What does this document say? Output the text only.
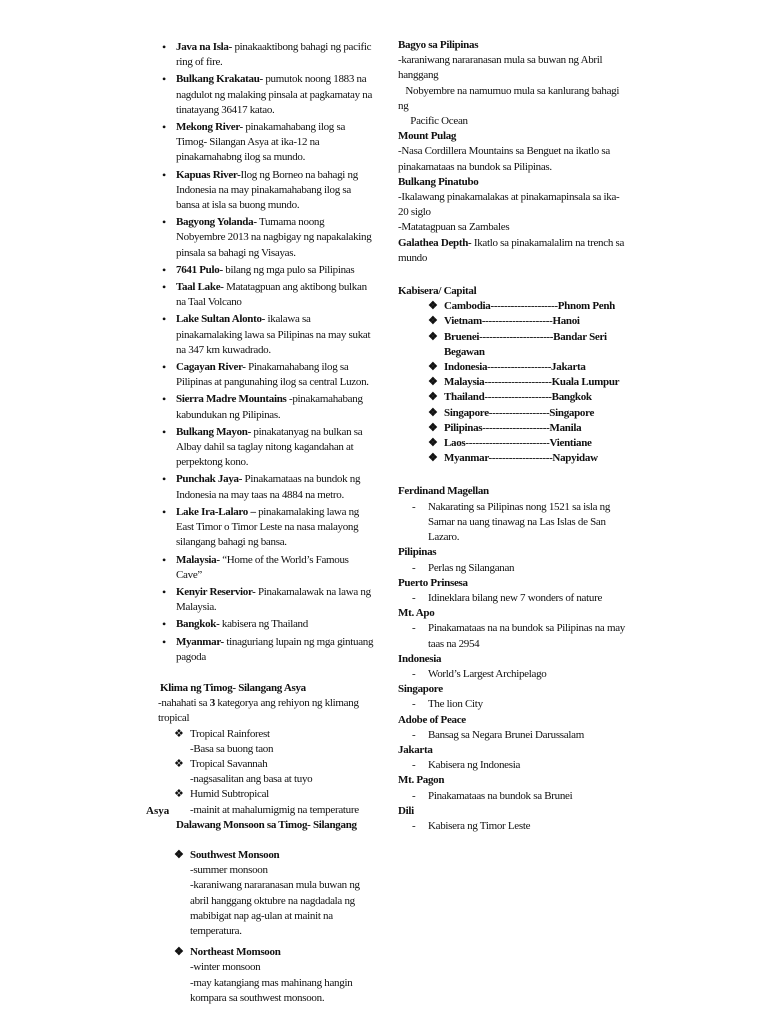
• Java na Isla- pinakaaktibong bahagi ng pacific ring of fire.
• Bulkang Krakatau- pumutok noong 1883 na nagdulot ng malaking pinsala at pagkamatay na tinatayang 36417 katao.
• Mekong River- pinakamahabang ilog sa Timog- Silangan Asya at ika-12 na pinakamahabng ilog sa mundo.
• Kapuas River-Ilog ng Borneo na bahagi ng Indonesia na may pinakamahabang ilog sa bansa at isla sa buong mundo.
• Bagyong Yolanda- Tumama noong Nobyembre 2013 na nagbigay ng napakalaking pinsala sa bahagi ng Visayas.
• 7641 Pulo- bilang ng mga pulo sa Pilipinas
• Taal Lake- Matatagpuan ang aktibong bulkan na Taal Volcano
• Lake Sultan Alonto- ikalawa sa pinakamalaking lawa sa Pilipinas na may sukat na 347 km kuwadrado.
• Cagayan River- Pinakamahabang ilog sa Pilipinas at pangunahing ilog sa central Luzon.
• Sierra Madre Mountains -pinakamahabang kabundukan ng Pilipinas.
• Bulkang Mayon- pinakatanyag na bulkan sa Albay dahil sa taglay nitong kagandahan at perpektong kono.
• Punchak Jaya- Pinakamataas na bundok ng Indonesia na may taas na 4884 na metro.
• Lake Ira-Lalaro – pinakamalaking lawa ng East Timor o Timor Leste na nasa malayong silangang bahagi ng bansa.
• Malaysia- “Home of the World’s Famous Cave”
• Kenyir Reservior- Pinakamalawak na lawa ng Malaysia.
• Bangkok- kabisera ng Thailand
• Myanmar- tinaguriang lupain ng mga gintuang pagoda

Klima ng Timog- Silangang Asya

-nahahati sa 3 kategorya ang rehiyon ng klimang tropical

❖ Tropical Rainforest

-Basa sa buong taon

❖ Tropical Savannah

-nagsasalitan ang basa at tuyo

❖ Humid Subtropical

-mainit at mahalumigmig na temperature

Dalawang Monsoon sa Timog- Silangang

❖ Southwest Monsoon

-summer monsoon

-karaniwang nararanasan mula buwan ng abril hanggang oktubre na nagdadala ng mabibigat nap ag-ulan at mainit na temperatura.

❖ Northeast Momsoon

-winter monsoon

-may katangiang mas mahinang hangin kompara sa southwest monsoon.

Asya

Bagyo sa Pilipinas

-karaniwang nararanasan mula sa buwan ng Abril hanggang

Nobyembre na namumuo mula sa kanlurang bahagi ng

Pacific Ocean

Mount Pulag

-Nasa Cordillera Mountains sa Benguet na ikatlo sa pinakamataas na bundok sa Pilipinas.

Bulkang Pinatubo

-Ikalawang pinakamalakas at pinakamapinsala sa ika-20 siglo

-Matatagpuan sa Zambales

Galathea Depth- Ikatlo sa pinakamalalim na trench sa mundo

Kabisera/ Capital

❖ Cambodia--------------------Phnom Penh

❖ Vietnam---------------------Hanoi

❖ Bruenei----------------------Bandar Seri Begawan

❖ Indonesia-------------------Jakarta

❖ Malaysia--------------------Kuala Lumpur

❖ Thailand--------------------Bangkok

❖ Singapore------------------Singapore

❖ Pilipinas--------------------Manila

❖ Laos-------------------------Vientiane

❖ Myanmar-------------------Napyidaw

Ferdinand Magellan

- Nakarating sa Pilipinas nong 1521 sa isla ng Samar na uang tinawag na Las Islas de San Lazaro.

Pilipinas

- Perlas ng Silanganan

Puerto Prinsesa

- Idineklara bilang new 7 wonders of nature

Mt. Apo

- Pinakamataas na na bundok sa Pilipinas na may taas na 2954

Indonesia

- World’s Largest Archipelago

Singapore

- The lion City

Adobe of Peace

- Bansag sa Negara Brunei Darussalam

Jakarta

- Kabisera ng Indonesia

Mt. Pagon

- Pinakamataas na bundok sa Brunei

Dili

- Kabisera ng Timor Leste
